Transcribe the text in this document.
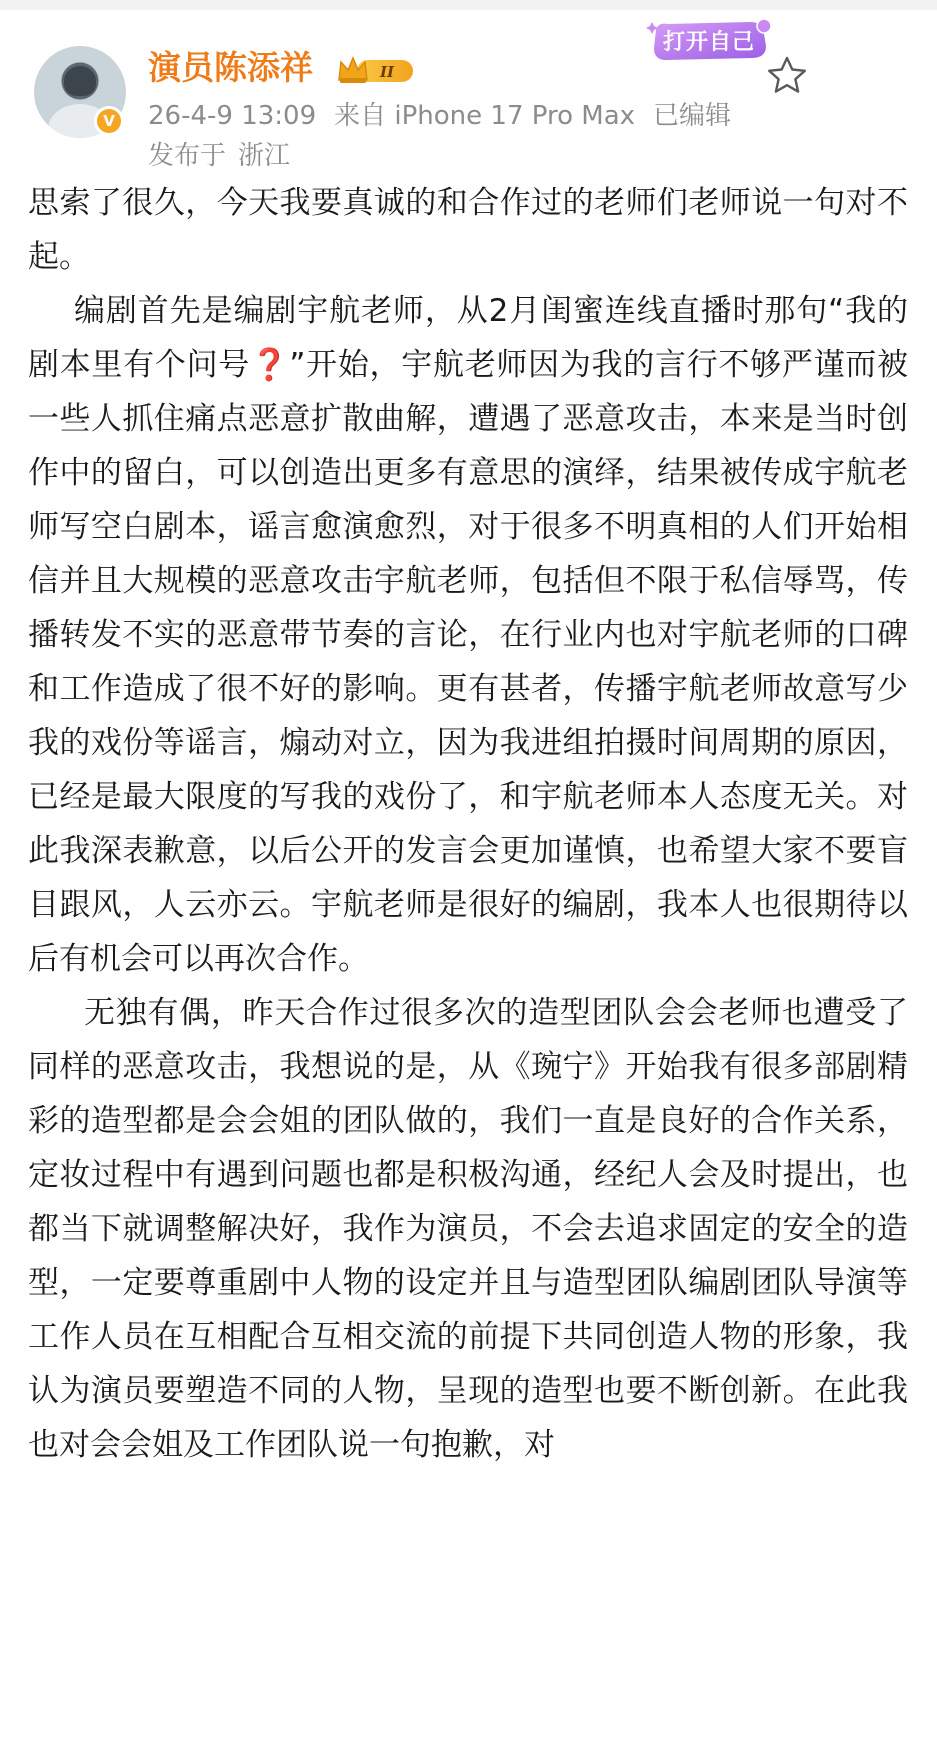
V
演员陈添祥	II
26-4-9 13:09 来自 iPhone 17 Pro Max 已编辑
发布于 浙江
打开自己

思索了很久，今天我要真诚的和合作过的老师们老师说一句对不起。

编剧首先是编剧宇航老师，从2月闺蜜连线直播时那句“我的剧本里有个问号❓”开始，宇航老师因为我的言行不够严谨而被一些人抓住痛点恶意扩散曲解，遭遇了恶意攻击，本来是当时创作中的留白，可以创造出更多有意思的演绎，结果被传成宇航老师写空白剧本，谣言愈演愈烈，对于很多不明真相的人们开始相信并且大规模的恶意攻击宇航老师，包括但不限于私信辱骂，传播转发不实的恶意带节奏的言论，在行业内也对宇航老师的口碑和工作造成了很不好的影响。更有甚者，传播宇航老师故意写少我的戏份等谣言，煽动对立，因为我进组拍摄时间周期的原因，已经是最大限度的写我的戏份了，和宇航老师本人态度无关。对此我深表歉意，以后公开的发言会更加谨慎，也希望大家不要盲目跟风，人云亦云。宇航老师是很好的编剧，我本人也很期待以后有机会可以再次合作。

无独有偶，昨天合作过很多次的造型团队会会老师也遭受了同样的恶意攻击，我想说的是，从《琬宁》开始我有很多部剧精彩的造型都是会会姐的团队做的，我们一直是良好的合作关系，定妆过程中有遇到问题也都是积极沟通，经纪人会及时提出，也都当下就调整解决好，我作为演员，不会去追求固定的安全的造型，一定要尊重剧中人物的设定并且与造型团队编剧团队导演等工作人员在互相配合互相交流的前提下共同创造人物的形象，我认为演员要塑造不同的人物，呈现的造型也要不断创新。在此我也对会会姐及工作团队说一句抱歉，对
